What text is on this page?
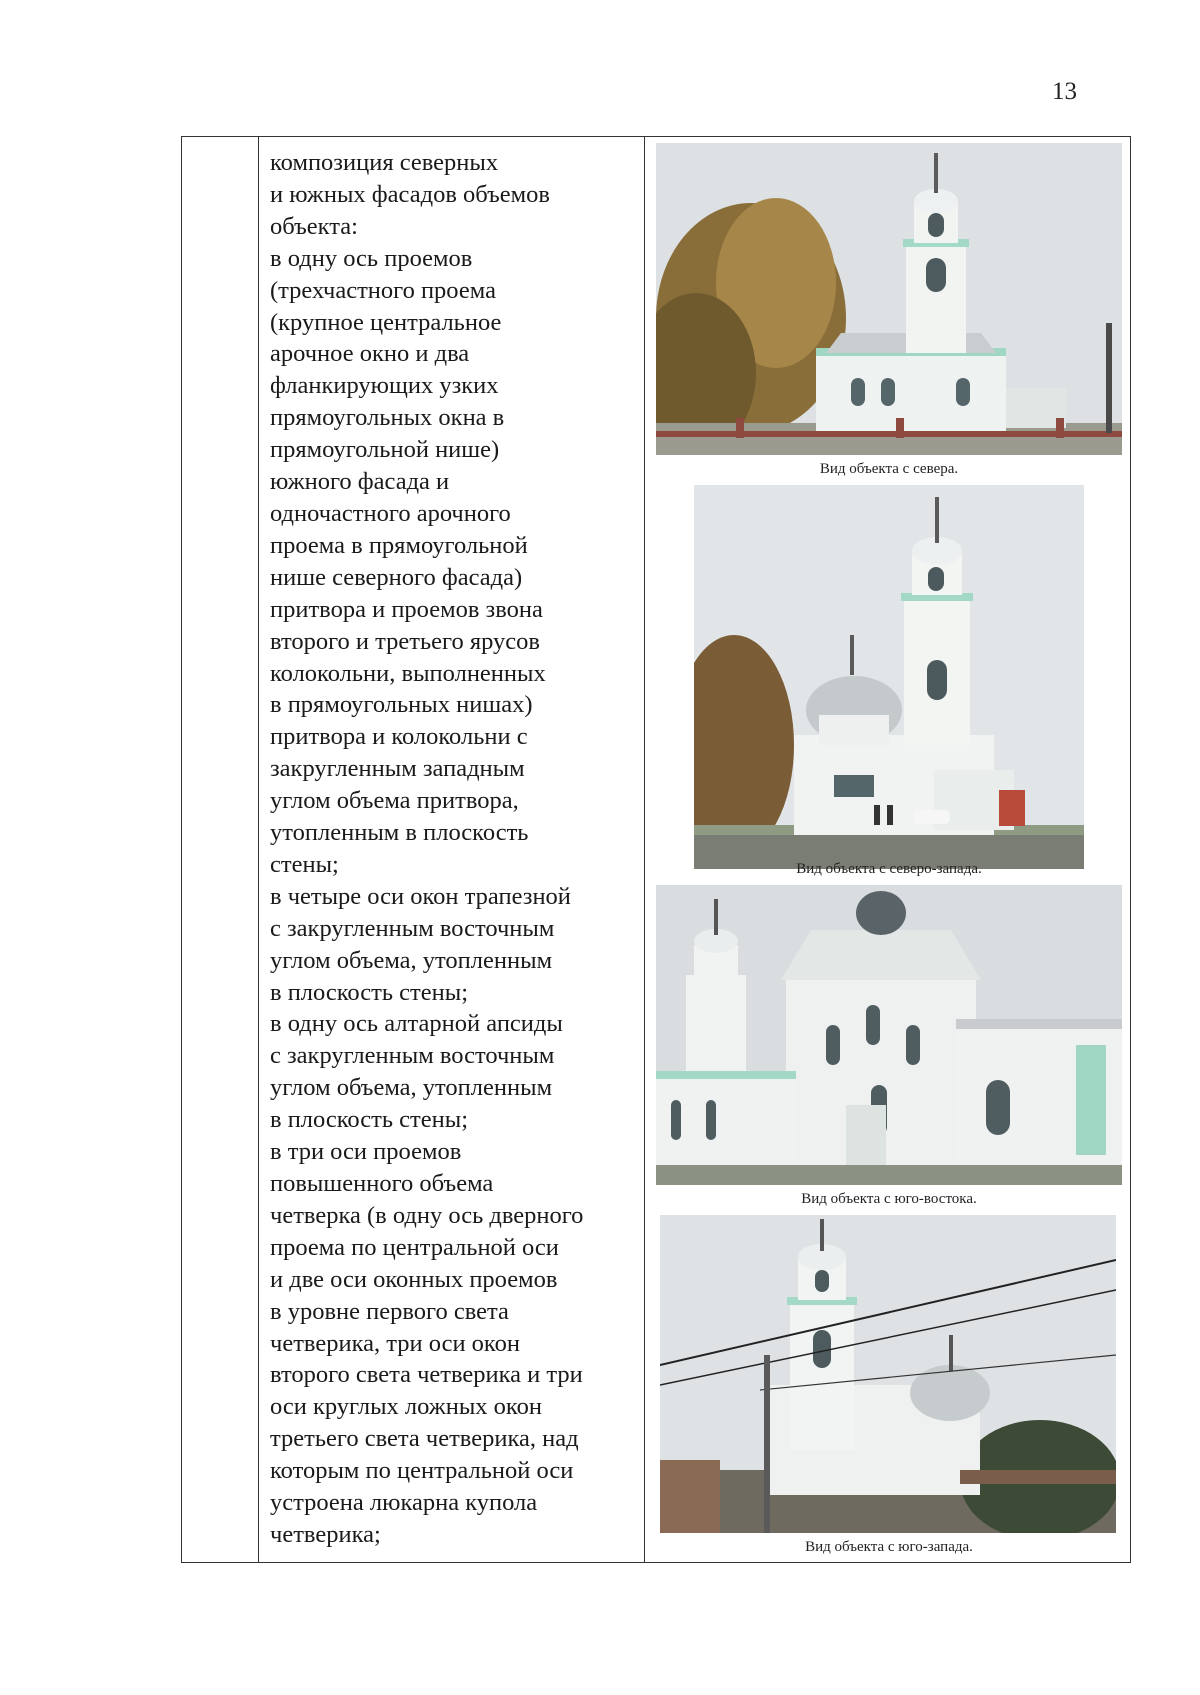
13
композиция северных
и южных фасадов объемов
объекта:
в одну ось проемов
(трехчастного проема
(крупное центральное
арочное окно и два
фланкирующих узких
прямоугольных окна в
прямоугольной нише)
южного фасада и
одночастного арочного
проема в прямоугольной
нише северного фасада)
притвора и проемов звона
второго и третьего ярусов
колокольни, выполненных
в прямоугольных нишах)
притвора и колокольни с
закругленным западным
углом объема притвора,
утопленным в плоскость
стены;
в четыре оси окон трапезной
с закругленным восточным
углом объема, утопленным
в плоскость стены;
в одну ось алтарной апсиды
с закругленным восточным
углом объема, утопленным
в плоскость стены;
в три оси проемов
повышенного объема
четверка (в одну ось дверного
проема по центральной оси
и две оси оконных проемов
в уровне первого света
четверика, три оси окон
второго света четверика и три
оси круглых ложных окон
третьего света четверика, над
которым по центральной оси
устроена люкарна купола
четверика;
Вид объекта с севера.
Вид объекта с северо-запада.
Вид объекта с юго-востока.
Вид объекта с юго-запада.
